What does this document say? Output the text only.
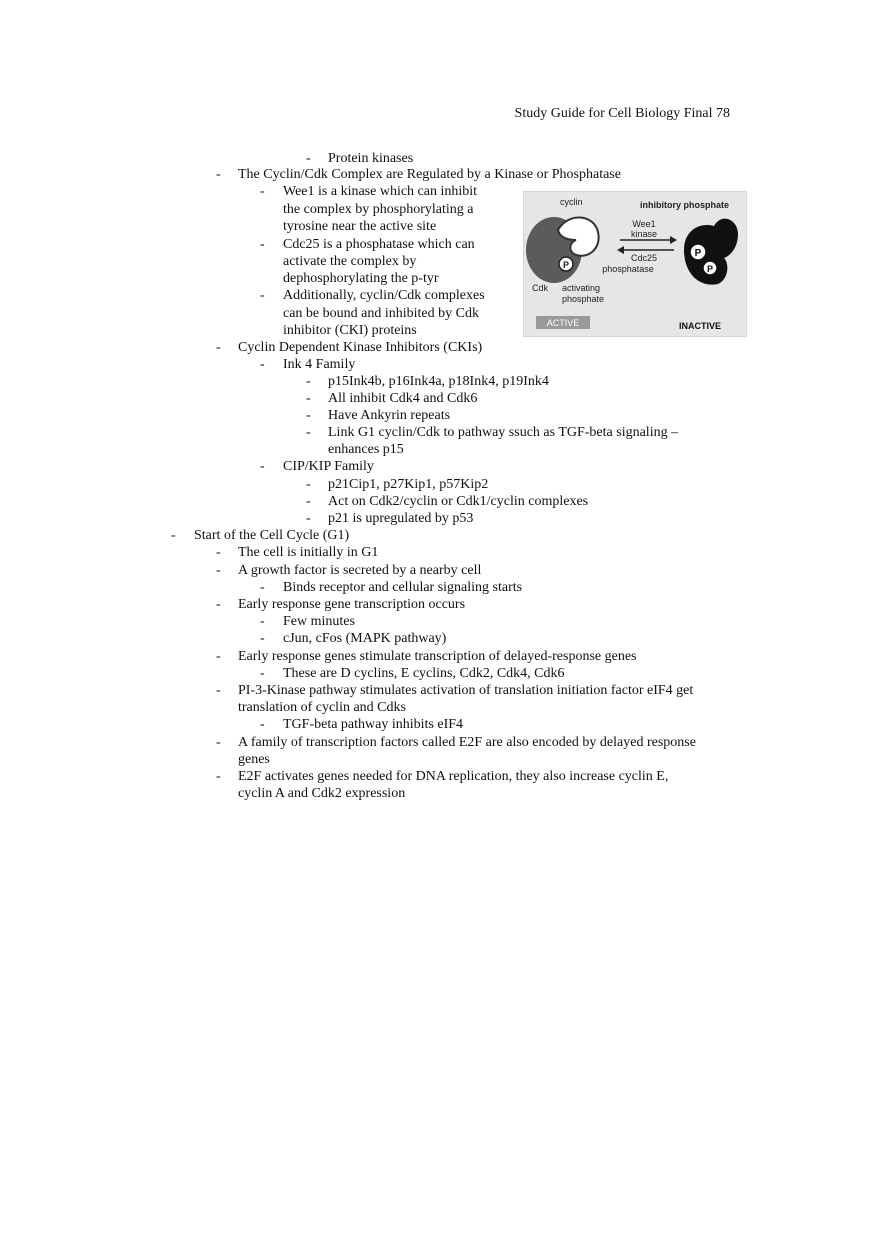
Study Guide for Cell Biology Final 78
- Protein kinases
- The Cyclin/Cdk Complex are Regulated by a Kinase or Phosphatase
- Wee1 is a kinase which can inhibit
the complex by phosphorylating a
tyrosine near the active site
- Cdc25 is a phosphatase which can
activate the complex by
dephosphorylating the p-tyr
- Additionally, cyclin/Cdk complexes
can be bound and inhibited by Cdk
inhibitor (CKI) proteins
- Cyclin Dependent Kinase Inhibitors (CKIs)
- Ink 4 Family
- p15Ink4b, p16Ink4a, p18Ink4, p19Ink4
- All inhibit Cdk4 and Cdk6
- Have Ankyrin repeats
- Link G1 cyclin/Cdk to pathway ssuch as TGF-beta signaling –
enhances p15
- CIP/KIP Family
- p21Cip1, p27Kip1, p57Kip2
- Act on Cdk2/cyclin or Cdk1/cyclin complexes
- p21 is upregulated by p53
- Start of the Cell Cycle (G1)
- The cell is initially in G1
- A growth factor is secreted by a nearby cell
- Binds receptor and cellular signaling starts
- Early response gene transcription occurs
- Few minutes
- cJun, cFos (MAPK pathway)
- Early response genes stimulate transcription of delayed-response genes
- These are D cyclins, E cyclins, Cdk2, Cdk4, Cdk6
- PI-3-Kinase pathway stimulates activation of translation initiation factor eIF4 get
translation of cyclin and Cdks
- TGF-beta pathway inhibits eIF4
- A family of transcription factors called E2F are also encoded by delayed response
genes
- E2F activates genes needed for DNA replication, they also increase cyclin E,
cyclin A and Cdk2 expression
P
P
P
cyclin	inhibitory phosphate
Wee1
kinase
Cdc25
phosphatase
Cdk activating
phosphate
ACTIVE	INACTIVE
